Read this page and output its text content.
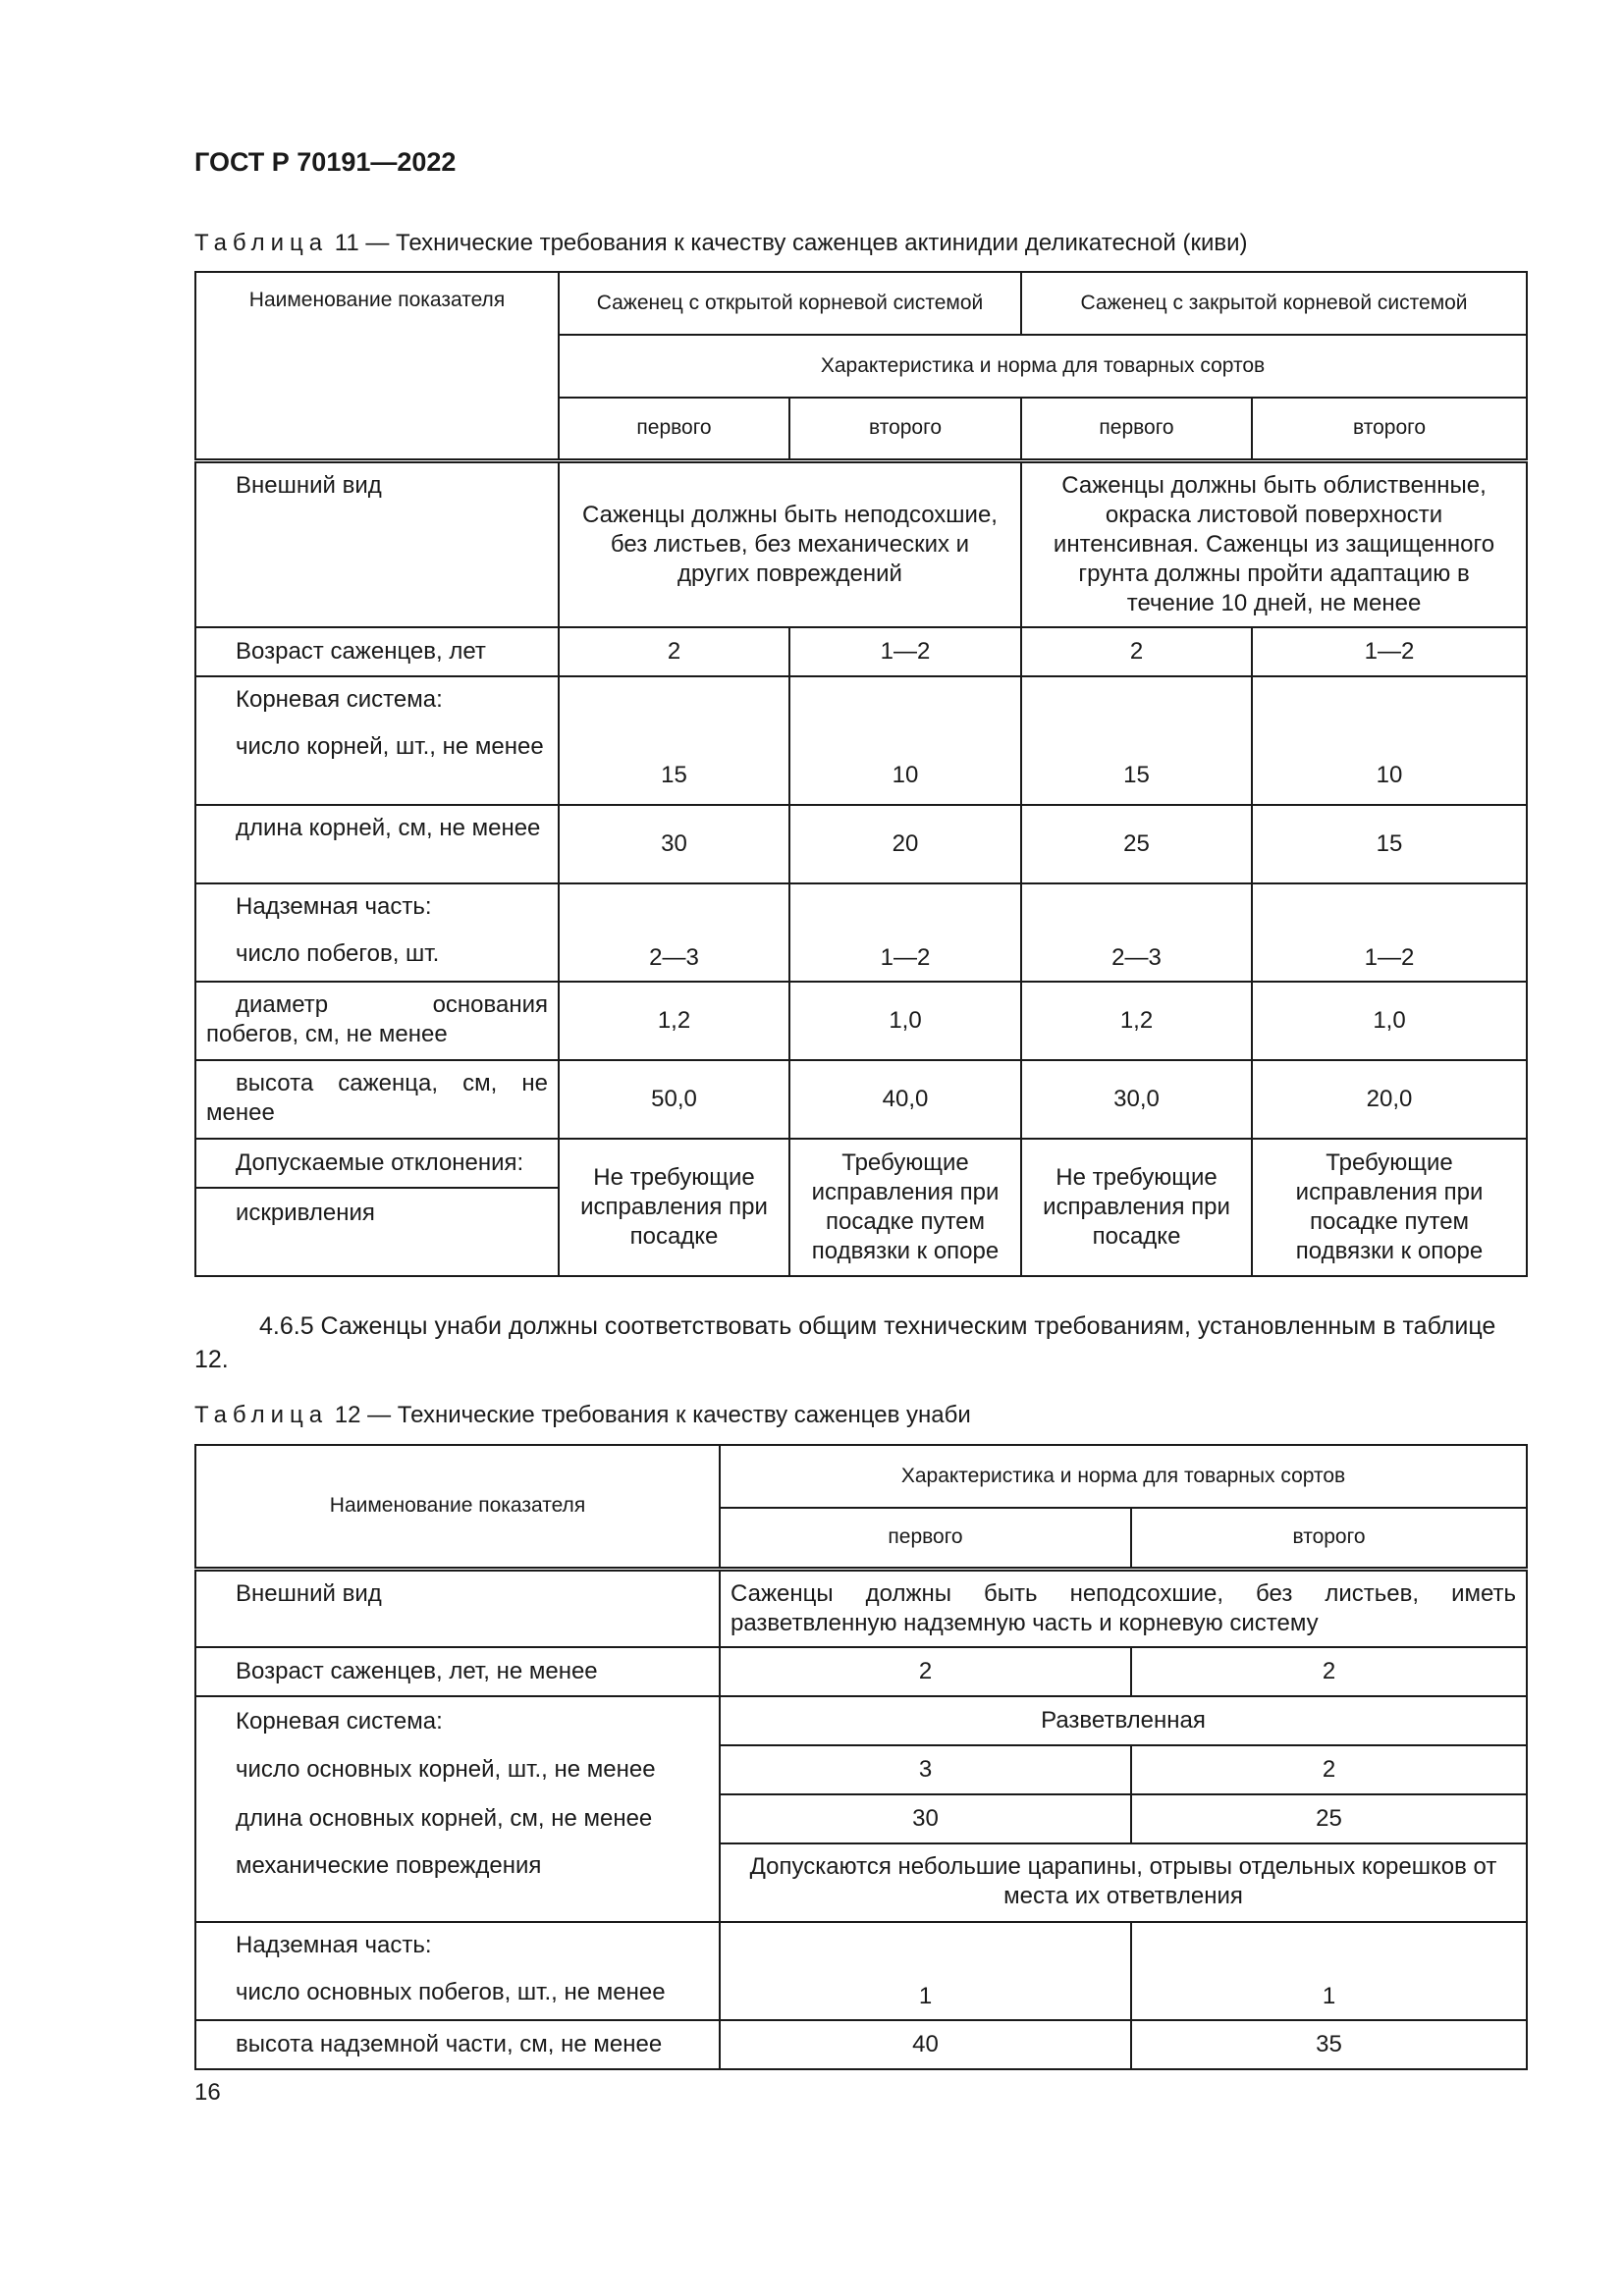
ГОСТ Р 70191—2022
Таблица 11 — Технические требования к качеству саженцев актинидии деликатесной (киви)
Наименование показателя	Саженец с открытой корневой системой		Саженец с закрытой корневой системой	
	Характеристика и норма для товарных сортов			
	первого	второго	первого	второго
Внешний вид	Саженцы должны быть неподсохшие, без листьев, без механических и других повреждений		Саженцы должны быть облиственные, окраска листовой поверхности интенсивная. Саженцы из защищенного грунта должны пройти адаптацию в течение 10 дней, не менее	
Возраст саженцев, лет	2	1—2	2	1—2

Корневая система:
число корней, шт., не менее	15	10	15	10
длина корней, см, не менее	30	20	25	15

Надземная часть:
число побегов, шт.	2—3	1—2	2—3	1—2
диаметр основания побегов, см, не менее	1,2	1,0	1,2	1,0
высота саженца, см, не менее	50,0	40,0	30,0	20,0
Допускаемые отклонения:	Не требующие исправления при посадке	Требующие исправления при посадке путем подвязки к опоре	Не требующие исправления при посадке	Требующие исправления при посадке путем подвязки к опоре
искривления				
4.6.5 Саженцы унаби должны соответствовать общим техническим требованиям, установленным в таблице 12.
Таблица 12 — Технические требования к качеству саженцев унаби
Наименование показателя	Характеристика и норма для товарных сортов	
	первого	второго
Внешний вид	Саженцы должны быть неподсохшие, без листьев, иметь разветвленную надземную часть и корневую систему	
Возраст саженцев, лет, не менее	2	2
Корневая система:	Разветвленная	
число основных корней, шт., не менее	3	2
длина основных корней, см, не менее	30	25
механические повреждения	Допускаются небольшие царапины, отрывы отдельных корешков от места их ответвления	

Надземная часть:
число основных побегов, шт., не менее	1	1
высота надземной части, см, не менее	40	35
16
